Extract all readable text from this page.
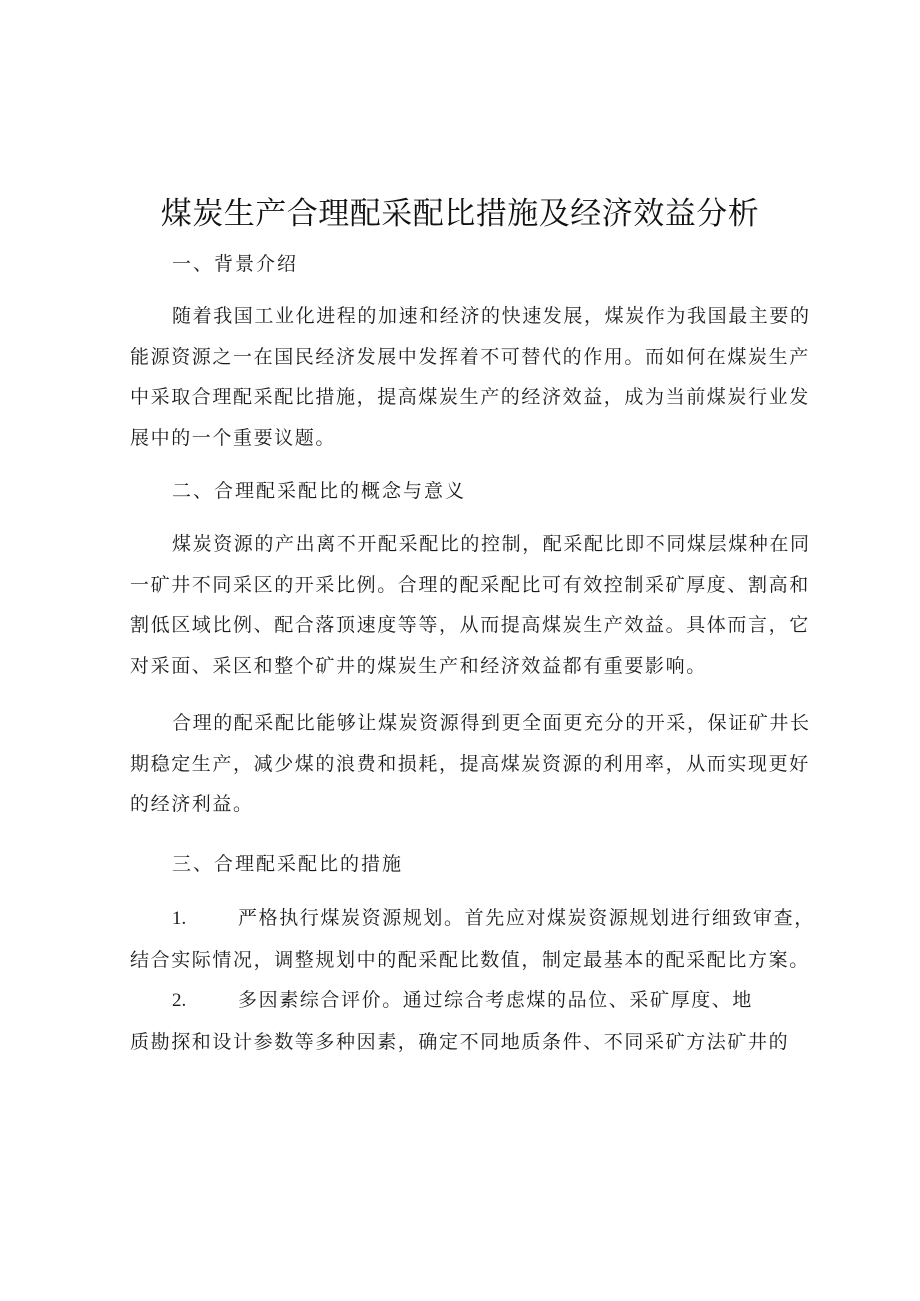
煤炭生产合理配采配比措施及经济效益分析
一、背景介绍
随着我国工业化进程的加速和经济的快速发展，煤炭作为我国最主要的
能源资源之一在国民经济发展中发挥着不可替代的作用。而如何在煤炭生产
中采取合理配采配比措施，提高煤炭生产的经济效益，成为当前煤炭行业发
展中的一个重要议题。
二、合理配采配比的概念与意义
煤炭资源的产出离不开配采配比的控制，配采配比即不同煤层煤种在同
一矿井不同采区的开采比例。合理的配采配比可有效控制采矿厚度、割高和
割低区域比例、配合落顶速度等等，从而提高煤炭生产效益。具体而言，它
对采面、采区和整个矿井的煤炭生产和经济效益都有重要影响。
合理的配采配比能够让煤炭资源得到更全面更充分的开采，保证矿井长
期稳定生产，减少煤的浪费和损耗，提高煤炭资源的利用率，从而实现更好
的经济利益。
三、合理配采配比的措施
1.	严格执行煤炭资源规划。首先应对煤炭资源规划进行细致审查，
结合实际情况，调整规划中的配采配比数值，制定最基本的配采配比方案。
2.	多因素综合评价。通过综合考虑煤的品位、采矿厚度、地
质勘探和设计参数等多种因素，确定不同地质条件、不同采矿方法矿井的
